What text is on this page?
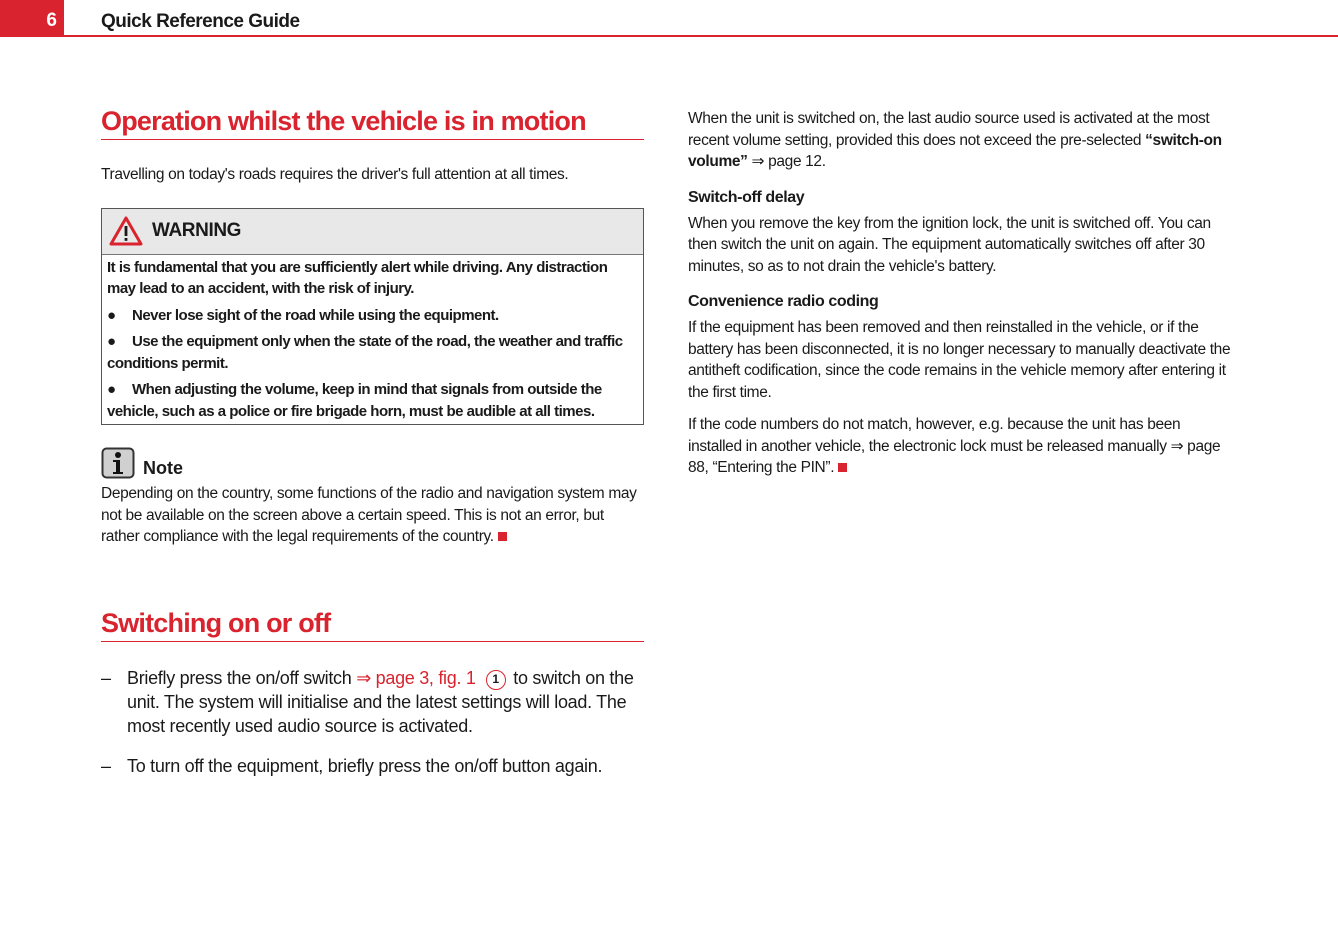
6	Quick Reference Guide
Operation whilst the vehicle is in motion

Travelling on today's roads requires the driver's full attention at all times.

WARNING

It is fundamental that you are sufficiently alert while driving. Any distraction may lead to an accident, with the risk of injury.

● Never lose sight of the road while using the equipment.

● Use the equipment only when the state of the road, the weather and traffic conditions permit.

● When adjusting the volume, keep in mind that signals from outside the vehicle, such as a police or fire brigade horn, must be audible at all times.

Note

Depending on the country, some functions of the radio and navigation system may not be available on the screen above a certain speed. This is not an error, but rather compliance with the legal requirements of the country.

Switching on or off
– Briefly press the on/off switch ⇒ page 3, fig. 1 1 to switch on the unit. The system will initialise and the latest settings will load. The most recently used audio source is activated.
– To turn off the equipment, briefly press the on/off button again.

When the unit is switched on, the last audio source used is activated at the most recent volume setting, provided this does not exceed the pre-selected “switch-on volume” ⇒ page 12.

Switch-off delay

When you remove the key from the ignition lock, the unit is switched off. You can then switch the unit on again. The equipment automatically switches off after 30 minutes, so as to not drain the vehicle's battery.

Convenience radio coding

If the equipment has been removed and then reinstalled in the vehicle, or if the battery has been disconnected, it is no longer necessary to manually deactivate the antitheft codification, since the code remains in the vehicle memory after entering it the first time.

If the code numbers do not match, however, e.g. because the unit has been installed in another vehicle, the electronic lock must be released manually ⇒ page 88, “Entering the PIN”.
